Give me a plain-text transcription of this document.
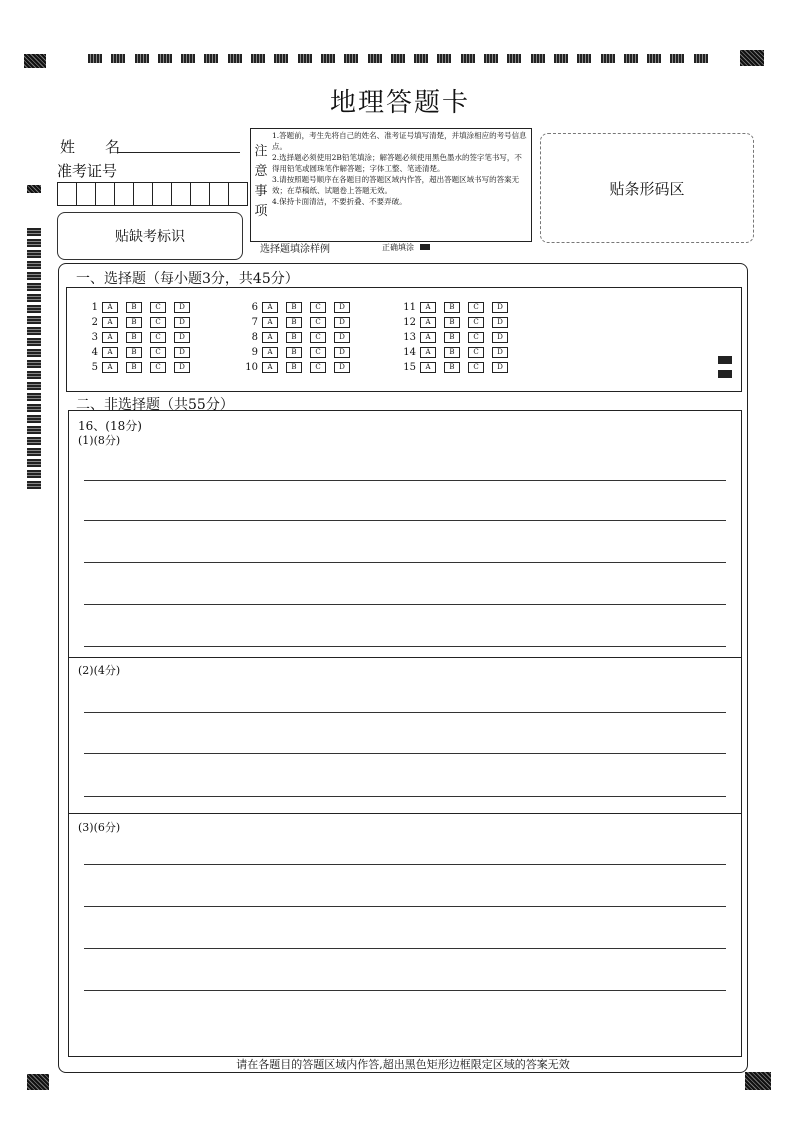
地理答题卡
姓　　名
准考证号
贴缺考标识
注意事项
1.答题前，考生先将自己的姓名、准考证号填写清楚，并填涂相应的考号信息点。
2.选择题必须使用2B铅笔填涂；解答题必须使用黑色墨水的签字笔书写，不得用铅笔或圆珠笔作解答题；字体工整、笔迹清楚。
3.请按照题号顺序在各题目的答题区域内作答，超出答题区域书写的答案无效；在草稿纸、试题卷上答题无效。
4.保持卡面清洁，不要折叠、不要弄破。
选择题填涂样例	正确填涂
贴条形码区
一、选择题（每小题3分，共45分）
1	A	B	C	D
2	A	B	C	D
3	A	B	C	D
4	A	B	C	D
5	A	B	C	D
6	A	B	C	D
7	A	B	C	D
8	A	B	C	D
9	A	B	C	D
10	A	B	C	D
11	A	B	C	D
12	A	B	C	D
13	A	B	C	D
14	A	B	C	D
15	A	B	C	D
二、非选择题（共55分）
16、(18分)
(1)(8分)
(2)(4分)
(3)(6分)
请在各题目的答题区域内作答,超出黑色矩形边框限定区域的答案无效
